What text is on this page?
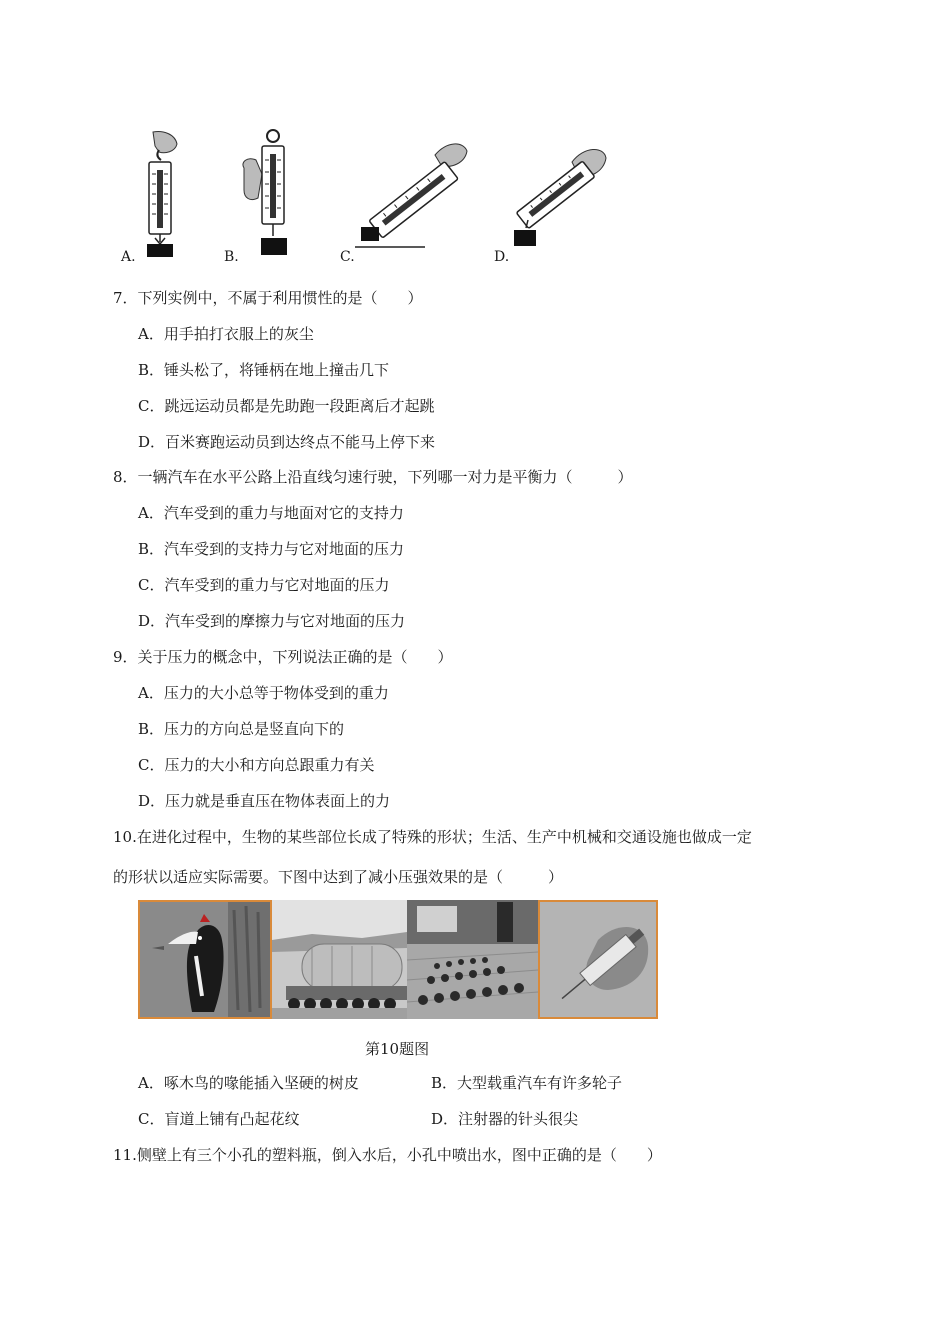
A.	B.	C.	D.
7．下列实例中，不属于利用惯性的是（　　）
A．用手拍打衣服上的灰尘
B．锤头松了，将锤柄在地上撞击几下
C．跳远运动员都是先助跑一段距离后才起跳
D．百米赛跑运动员到达终点不能马上停下来
8．一辆汽车在水平公路上沿直线匀速行驶，下列哪一对力是平衡力（　　　）
A．汽车受到的重力与地面对它的支持力
B．汽车受到的支持力与它对地面的压力
C．汽车受到的重力与它对地面的压力
D．汽车受到的摩擦力与它对地面的压力
9．关于压力的概念中，下列说法正确的是（　　）
A．压力的大小总等于物体受到的重力
B．压力的方向总是竖直向下的
C．压力的大小和方向总跟重力有关
D．压力就是垂直压在物体表面上的力
10.在进化过程中，生物的某些部位长成了特殊的形状；生活、生产中机械和交通设施也做成一定
的形状以适应实际需要。下图中达到了减小压强效果的是（　　　）
第10题图
A．啄木鸟的喙能插入坚硬的树皮	B．大型载重汽车有许多轮子
C．盲道上铺有凸起花纹	D．注射器的针头很尖
11.侧壁上有三个小孔的塑料瓶，倒入水后，小孔中喷出水，图中正确的是（　　）
